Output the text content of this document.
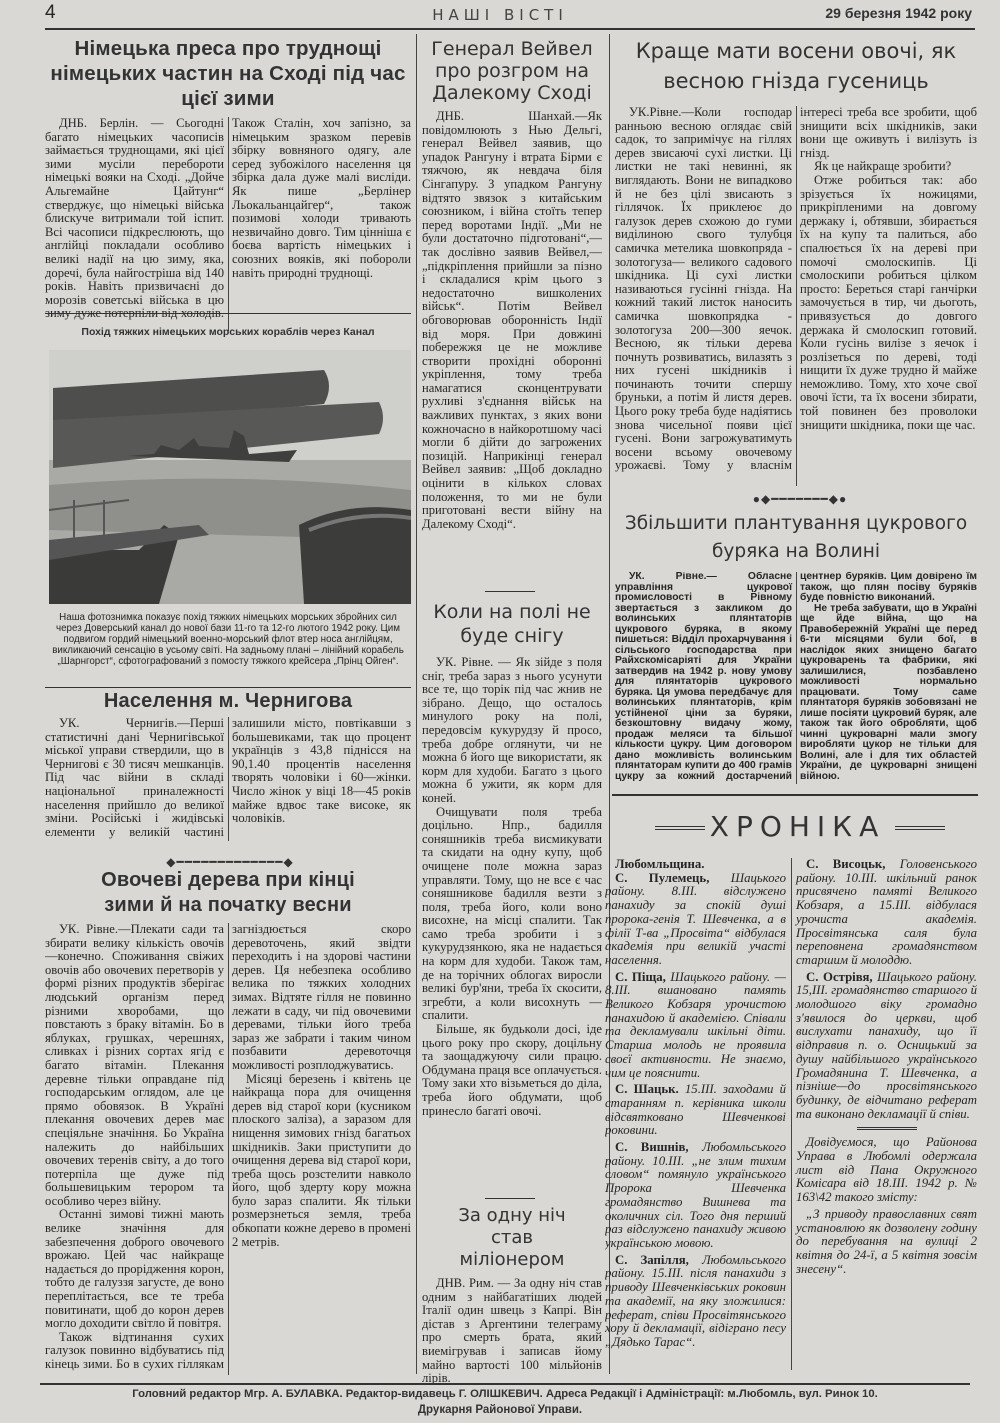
4	НАШІ ВІСТІ	29 березня 1942 року
Німецька преса про труднощі німецьких частин на Сході під час цієї зими

ДНБ. Берлін. — Сьогодні багато німецьких часописів займається труднощами, які цієї зими мусіли перебороти німецькі вояки на Сході. „Дойче Альгемайне Цайтунг“ стверджує, що німецькі війська блискуче витримали той іспит. Всі часописи підкреслюють, що англійці покладали особливо великі надії на цю зиму, яка, доречі, була найгостріша від 140 років. Навіть призвичаєні до морозів советські війська в цю зиму дуже потерпіли від холодів. Також Сталін, хоч запізно, за німецьким зразком перевів збірку вовняного одягу, але серед зубожілого населення ця збірка дала дуже малі висліди. Як пише „Берлінер Льокальанцайгер“, також позимові холоди тривають незвичайно довго. Тим цінніша є боєва вартість німецьких і союзних вояків, які побороли навіть природні труднощі.

Похід тяжких німецьких морських кораблів через Канал
Наша фотознимка показує похід тяжких німецьких морських збройних сил через Доверський канал до нової бази 11-го та 12-го лютого 1942 року. Цим подвигом гордий німецький военно-морський флот втер носа англійцям, викликаючий сенсацію в усьому світі. На задньому плані – лінійний корабель „Шарнгорст“, сфотографований з помосту тяжкого крейсера „Прінц Ойген“.
Населення м. Чернигова

УК. Чернигів.—Перші статистичні дані Чернигівської міської управи ствердили, що в Чернигові є 30 тисяч мешканців. Під час війни в складі національної приналежності населення прийшло до великої зміни. Російські і жидівські елементи у великій частині залишили місто, повтікавши з большевиками, так що процент українців з 43,8 піднісся на 90,1.40 процентів населення творять чоловіки і 60—жінки. Число жінок у віці 18—45 років майже вдвоє таке високе, як чоловіків.

◆━━━━━━━━━━━━━◆
Овочеві дерева при кінці зими й на початку весни

УК. Рівне.—Плекати сади та збирати велику кількість овочів—конечно. Споживання свіжих овочів або овочевих перетворів у формі різних продуктів зберігає людський організм перед різними хворобами, що повстають з браку вітамін. Бо в яблуках, грушках, черешнях, сливках і різних сортах ягід є багато вітамін. Плекання деревне тільки оправдане під господарським оглядом, але це прямо обовязок. В Україні плекання овочевих дерев має спеціяльне значіння. Бо Україна належить до найбільших овочевих теренів світу, а до того потерпіла ще дуже під большевицьким терором та особливо через війну.

Останні зимові тижні мають велике значіння для забезпечення доброго овочевого врожаю. Цей час найкраще надається до прорідження корон, тобто де галуззя загусте, де воно переплітається, все те треба повитинати, щоб до корон дерев могло доходити світло й повітря.

Також відтинання сухих галузок повинно відбуватись під кінець зими. Бо в сухих гіллякам загніздюється скоро деревоточень, який звідти переходить і на здорові частини дерев. Ця небезпека особливо велика по тяжких холодних зимах. Відтяте гілля не повинно лежати в саду, чи під овочевими деревами, тільки його треба зараз же забрати і таким чином позбавити деревоточця можливості розплоджуватись.

Місяці березень і квітень це найкраща пора для очищення дерев від старої кори (кусником плоского заліза), а заразом для нищення зимових гнізд багатьох шкідників. Заки приступити до очищення дерева від старої кори, треба щось розстелити навколо його, щоб здерту кору можна було зараз спалити. Як тільки розмерзнеться земля, треба обкопати кожне дерево в промені 2 метрів.

Генерал Вейвел про розгром на Далекому Сході

ДНБ. Шанхай.—Як повідомлюють з Нью Дельгі, генерал Вейвел заявив, що упадок Рангуну і втрата Бірми є тяжчою, як невдача біля Сінгапуру. З упадком Рангуну відтято звязок з китайським союзником, і війна стоїть тепер перед воротами Індії. „Ми не були достаточно підготовані“,—так дослівно заявив Вейвел,—„підкріплення прийшли за пізно і складалися крім цього з недостаточно вишколених військ“. Потім Вейвел обговорював оборонність Індії від моря. При довжині побережжя це не можливе створити прохідні оборонні укріплення, тому треба намагатися сконцентрувати рухливі з'єднання військ на важливих пунктах, з яких вони кожночасно в найкоротшому часі могли б дійти до загрожених позицій. Наприкінці генерал Вейвел заявив: „Щоб докладно оцінити в кількох словах положення, то ми не були приготовані вести війну на Далекому Сході“.

Коли на полі не буде снігу

УК. Рівне. — Як зійде з поля сніг, треба зараз з нього усунути все те, що торік під час жнив не зібрано. Дещо, що осталось минулого року на полі, передовсім кукурудзу й просо, треба добре оглянути, чи не можна б його ще використати, як корм для худоби. Багато з цього можна б ужити, як корм для коней.

Очищувати поля треба доцільно. Нпр., бадилля соняшників треба висмикувати та скидати на одну купу, щоб очищене поле можна зараз управляти. Тому, що не все є час соняшникове бадилля везти з поля, треба його, коли воно висохне, на місці спалити. Так само треба зробити і з кукурудзянкою, яка не надається на корм для худоби. Також там, де на торічних облогах виросли великі бур'яни, треба їх скосити, згребти, а коли висохнуть — спалити.

Більше, як будьколи досі, іде цього року про скору, доцільну та заощаджуючу сили працю. Обдумана праця все оплачується. Тому заки хто візьметься до діла, треба його обдумати, щоб принесло багаті овочі.

За одну ніч став міліонером

ДНВ. Рим. — За одну ніч став одним з найбагатіших людей Італії один швець з Капрі. Він дістав з Аргентини телеграму про смерть брата, який виемігрував і записав йому майно вартості 100 мільйонів лірів.

Краще мати восени овочі, як весною гнізда гусениць

УК.Рівне.—Коли господар ранньою весною оглядає свій садок, то запримічує на гіллях дерев звисаючі сухі листки. Ці листки не такі невинні, як виглядають. Вони не випадково й не без цілі звисають з гіллячок. Їх приклеює до галузок дерев схожою до гуми виділиною свого тулубця самичка метелика шовкопряда - золотогуза— великого садового шкідника. Ці сухі листки називаються гусінні гнізда. На кожний такий листок наносить самичка шовкопрядка - золотогуза 200—300 яечок. Весною, як тільки дерева почнуть розвиватись, вилазять з них гусені шкідників і починають точити спершу бруньки, а потім й листя дерев. Цього року треба буде надіятись знова чисельної появи цієї гусені. Вони загрожуватимуть восени всьому овочевому урожаєві. Тому у власнім інтересі треба все зробити, щоб знищити всіх шкідників, заки вони ще оживуть і вилізуть із гнізд.

Як це найкраще зробити?

Отже робиться так: або зрізується їх ножицями, прикріпленими на довгому держаку і, обтявши, збирається їх на купу та палиться, або спалюється їх на дереві при помочі смолоскипів. Ці смолоскипи робиться цілком просто: Береться старі ганчірки замочується в тир, чи дьоготь, привязується до довгого держака й смолоскип готовий. Коли гусінь вилізе з яечок і розлізеться по дереві, тоді нищити їх дуже трудно й майже неможливо. Тому, хто хоче свої овочі їсти, та їх восени збирати, той повинен без проволоки знищити шкідника, поки ще час.

●◆━━━━━━━◆●
Збільшити плантування цукрового буряка на Волині

УК. Рівне.— Обласне управління цукрової промисловості в Рівному звертається з закликом до волинських плянтаторів цукрового буряка, в якому пишеться: Відділ прохарчування і сільського господарства при Райхскомісаріяті для України затвердив на 1942 р. нову умову для плянтаторів цукрового буряка. Ця умова передбачує для волинських плянтаторів, крім устійненої ціни за буряки, безкоштовну видачу жому, продаж меляси та більшої кількости цукру. Цим договором дано можливість волинським плянтаторам купити до 400 грамів цукру за кожний достарчений центнер буряків. Цим довірено їм також, що плян посіву буряків буде повністю виконаний.

Не треба забувати, що в Україні ще йде війна, що на Правобережній Україні ще перед 6-ти місяцями були бої, в наслідок яких знищено багато цукроварень та фабрики, які залишилися, позбавлено можливості нормально працювати. Тому саме плянтаторя буряків зобовязані не лише посіяти цукровий буряк, але також так його обробляти, щоб чинні цукроварні мали змогу виробляти цукор не тільки для Волині, але і для тих областей України, де цукроварні знищені війною.

ХРОНІКА

Любомльщина.

С. Пулемець, Шацького району. 8.III. відслужено панахиду за спокій душі пророка-генія Т. Шевченка, а в філії Т-ва „Просвіта“ відбулася академія при великій участі населення.

С. Піща, Шацького району. —8.III. вшановано память Великого Кобзаря урочистою панахидою й академією. Співали та декламували шкільні діти. Старша молодь не проявила своєї активности. Не знаємо, чим це пояснити.

С. Шацьк. 15.III. заходами й старанням п. керівника школи відсвятковано Шевченкові роковини.

С. Вишнів, Любомльського району. 10.III. „не злим тихим словом“ помянуло українського Пророка Шевченка громадянство Вишнева та околичних сіл. Того дня перший раз відслужено панахиду живою українською мовою.

С. Запілля, Любомльського району. 15.III. після панахиди з приводу Шевченківських роковин та академії, на яку зложилися: реферат, співи Просвітянського хору й декламації, відіграно песу „Дядько Тарас“.

С. Висоцьк, Головенського району. 10.III. шкільний ранок присвячено памяті Великого Кобзаря, а 15.III. відбулася урочиста академія. Просвітянська саля була переповнена громадянством старшим й молоддю.

С. Острівя, Шацького району. 15,III. громадянство старшого й молодшого віку громадно з'явилося до церкви, щоб вислухати панахиду, що її відправив п. о. Осницький за душу найбільшого українського Громадянина Т. Шевченка, а пізніше—до просвітянського будинку, де відчитано реферат та виконано декламації й співи.

Довідуємося, що Районова Управа в Любомлі одержала лист від Пана Окружного Комісара від 18.III. 1942 р. № 163\42 такого змісту:

„З приводу православних свят установлюю як дозволену годину до перебування на вулиці 2 квітня до 24-ї, а 5 квітня зовсім знесену“.

Головний редактор Мгр. А. БУЛАВКА. Редактор-видавець Г. ОЛІШКЕВИЧ. Адреса Редакції і Адміністрації: м.Любомль, вул. Ринок 10.
Друкарня Районової Управи.
